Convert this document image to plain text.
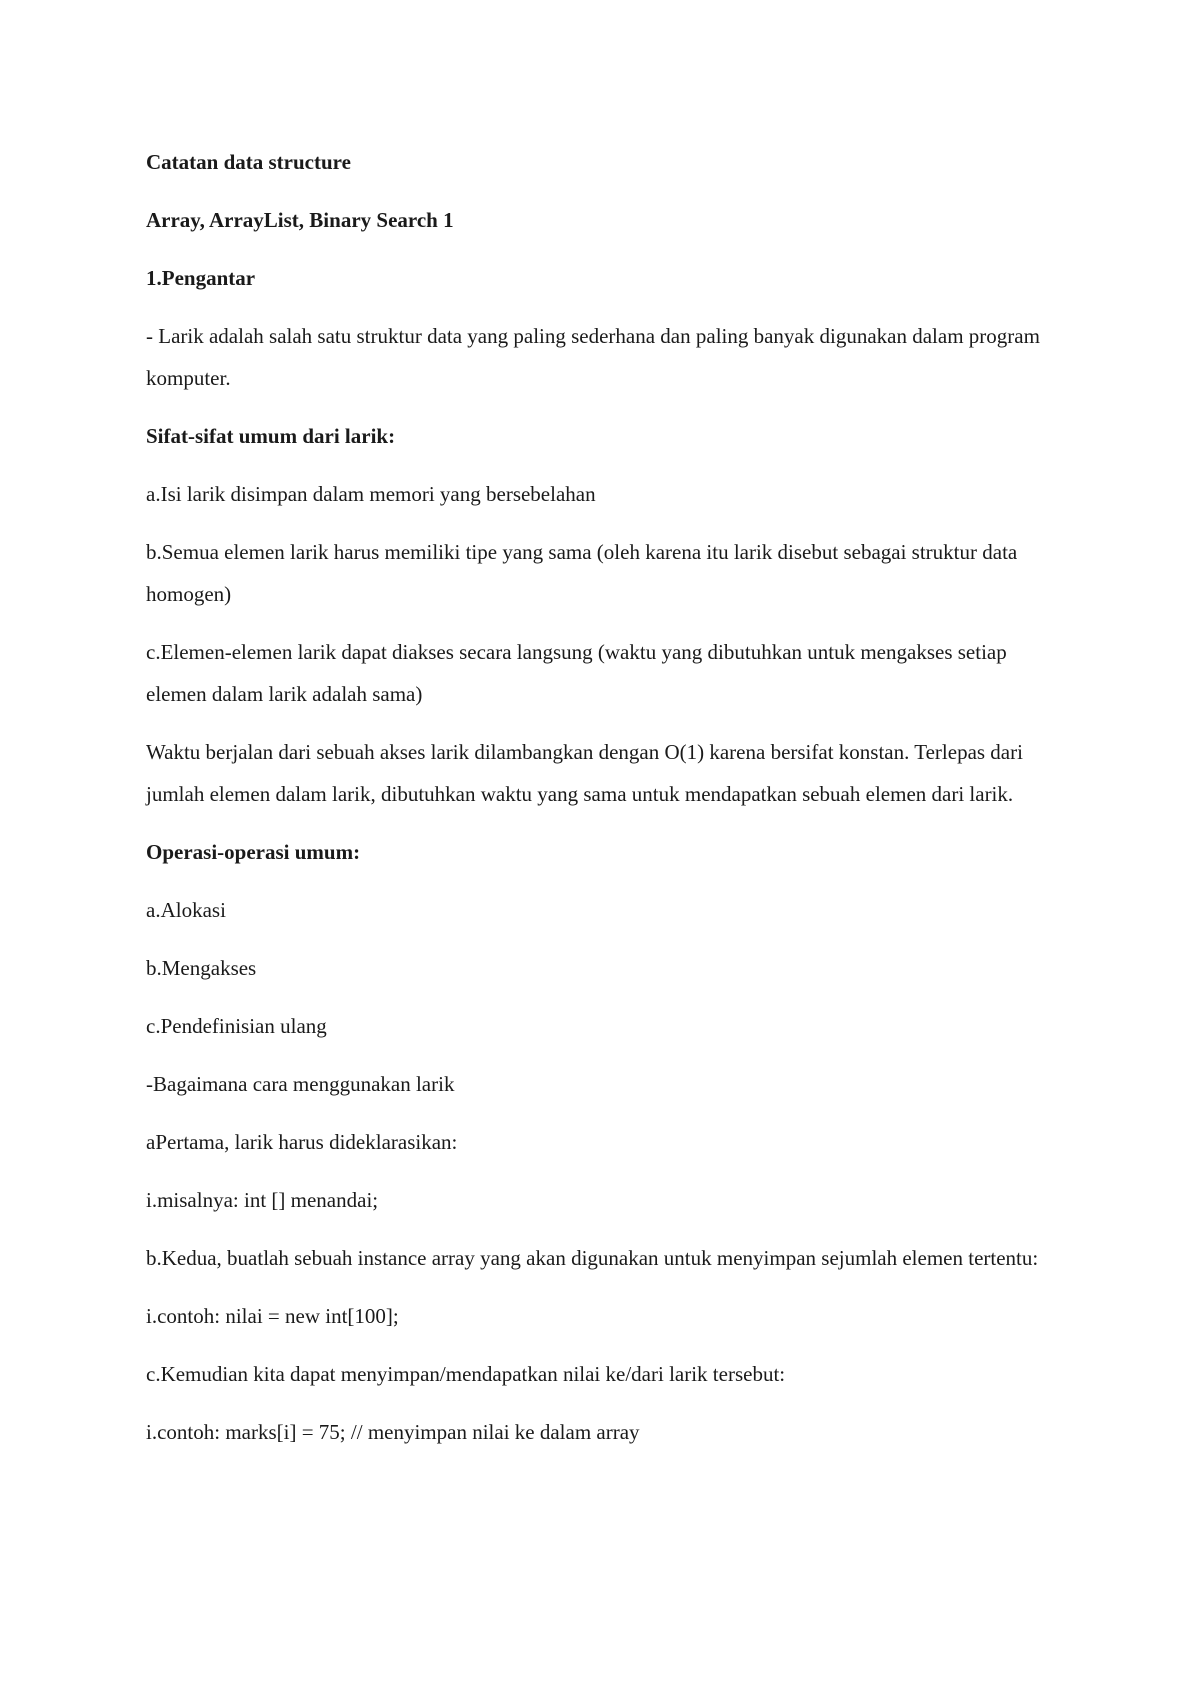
Catatan data structure

Array, ArrayList, Binary Search 1

1.Pengantar

- Larik adalah salah satu struktur data yang paling sederhana dan paling banyak digunakan dalam program komputer.

Sifat-sifat umum dari larik:

a.Isi larik disimpan dalam memori yang bersebelahan

b.Semua elemen larik harus memiliki tipe yang sama (oleh karena itu larik disebut sebagai struktur data homogen)

c.Elemen-elemen larik dapat diakses secara langsung (waktu yang dibutuhkan untuk mengakses setiap elemen dalam larik adalah sama)

Waktu berjalan dari sebuah akses larik dilambangkan dengan O(1) karena bersifat konstan. Terlepas dari jumlah elemen dalam larik, dibutuhkan waktu yang sama untuk mendapatkan sebuah elemen dari larik.

Operasi-operasi umum:

a.Alokasi

b.Mengakses

c.Pendefinisian ulang

-Bagaimana cara menggunakan larik

aPertama, larik harus dideklarasikan:

i.misalnya: int [] menandai;

b.Kedua, buatlah sebuah instance array yang akan digunakan untuk menyimpan sejumlah elemen tertentu:

i.contoh: nilai = new int[100];

c.Kemudian kita dapat menyimpan/mendapatkan nilai ke/dari larik tersebut:

i.contoh: marks[i] = 75; // menyimpan nilai ke dalam array
